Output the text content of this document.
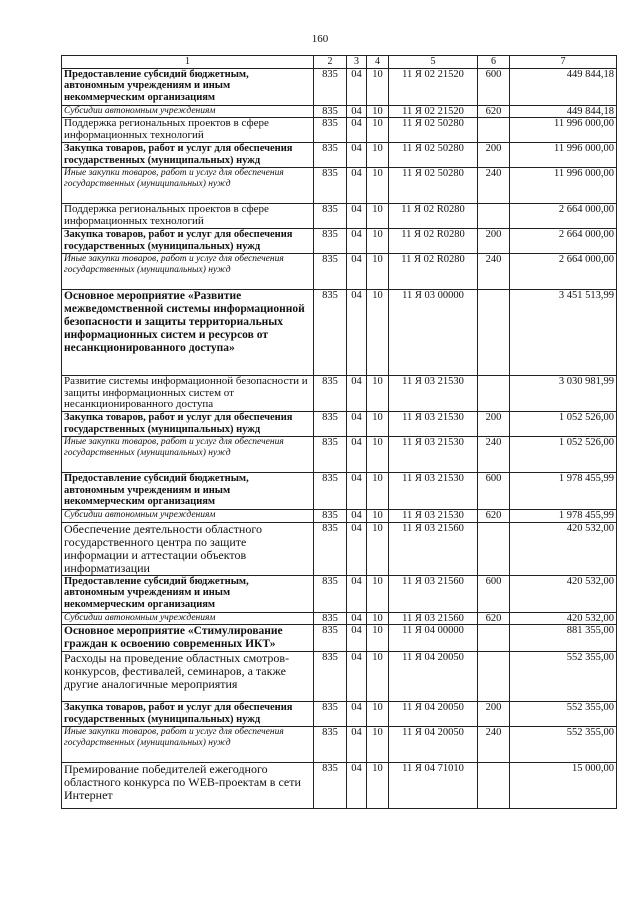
160
1	2	3	4	5	6	7
Предоставление субсидий бюджетным, автономным учреждениям и иным некоммерческим организациям	835	04	10	11 Я 02 21520	600	449 844,18
Субсидии автономным учреждениям	835	04	10	11 Я 02 21520	620	449 844,18
Поддержка региональных проектов в сфере информационных технологий	835	04	10	11 Я 02 50280		11 996 000,00
Закупка товаров, работ и услуг для обеспечения государственных (муниципальных) нужд	835	04	10	11 Я 02 50280	200	11 996 000,00
Иные закупки товаров, работ и услуг для обеспечения государственных (муниципальных) нужд	835	04	10	11 Я 02 50280	240	11 996 000,00
Поддержка региональных проектов в сфере информационных технологий	835	04	10	11 Я 02 R0280		2 664 000,00
Закупка товаров, работ и услуг для обеспечения государственных (муниципальных) нужд	835	04	10	11 Я 02 R0280	200	2 664 000,00
Иные закупки товаров, работ и услуг для обеспечения государственных (муниципальных) нужд	835	04	10	11 Я 02 R0280	240	2 664 000,00
Основное мероприятие «Развитие межведомственной системы информационной безопасности и защиты территориальных информационных систем и ресурсов от несанкционированного доступа»	835	04	10	11 Я 03 00000		3 451 513,99
Развитие системы информационной безопасности и защиты информационных систем от несанкционированного доступа	835	04	10	11 Я 03 21530		3 030 981,99
Закупка товаров, работ и услуг для обеспечения государственных (муниципальных) нужд	835	04	10	11 Я 03 21530	200	1 052 526,00
Иные закупки товаров, работ и услуг для обеспечения государственных (муниципальных) нужд	835	04	10	11 Я 03 21530	240	1 052 526,00
Предоставление субсидий бюджетным, автономным учреждениям и иным некоммерческим организациям	835	04	10	11 Я 03 21530	600	1 978 455,99
Субсидии автономным учреждениям	835	04	10	11 Я 03 21530	620	1 978 455,99
Обеспечение деятельности областного государственного центра по защите информации и аттестации объектов информатизации	835	04	10	11 Я 03 21560		420 532,00
Предоставление субсидий бюджетным, автономным учреждениям и иным некоммерческим организациям	835	04	10	11 Я 03 21560	600	420 532,00
Субсидии автономным учреждениям	835	04	10	11 Я 03 21560	620	420 532,00
Основное мероприятие «Стимулирование граждан к освоению современных ИКТ»	835	04	10	11 Я 04 00000		881 355,00
Расходы на проведение областных смотров-конкурсов, фестивалей, семинаров, а также другие аналогичные мероприятия	835	04	10	11 Я 04 20050		552 355,00
Закупка товаров, работ и услуг для обеспечения государственных (муниципальных) нужд	835	04	10	11 Я 04 20050	200	552 355,00
Иные закупки товаров, работ и услуг для обеспечения государственных (муниципальных) нужд	835	04	10	11 Я 04 20050	240	552 355,00
Премирование победителей ежегодного областного конкурса по WEB-проектам в сети Интернет	835	04	10	11 Я 04 71010		15 000,00
